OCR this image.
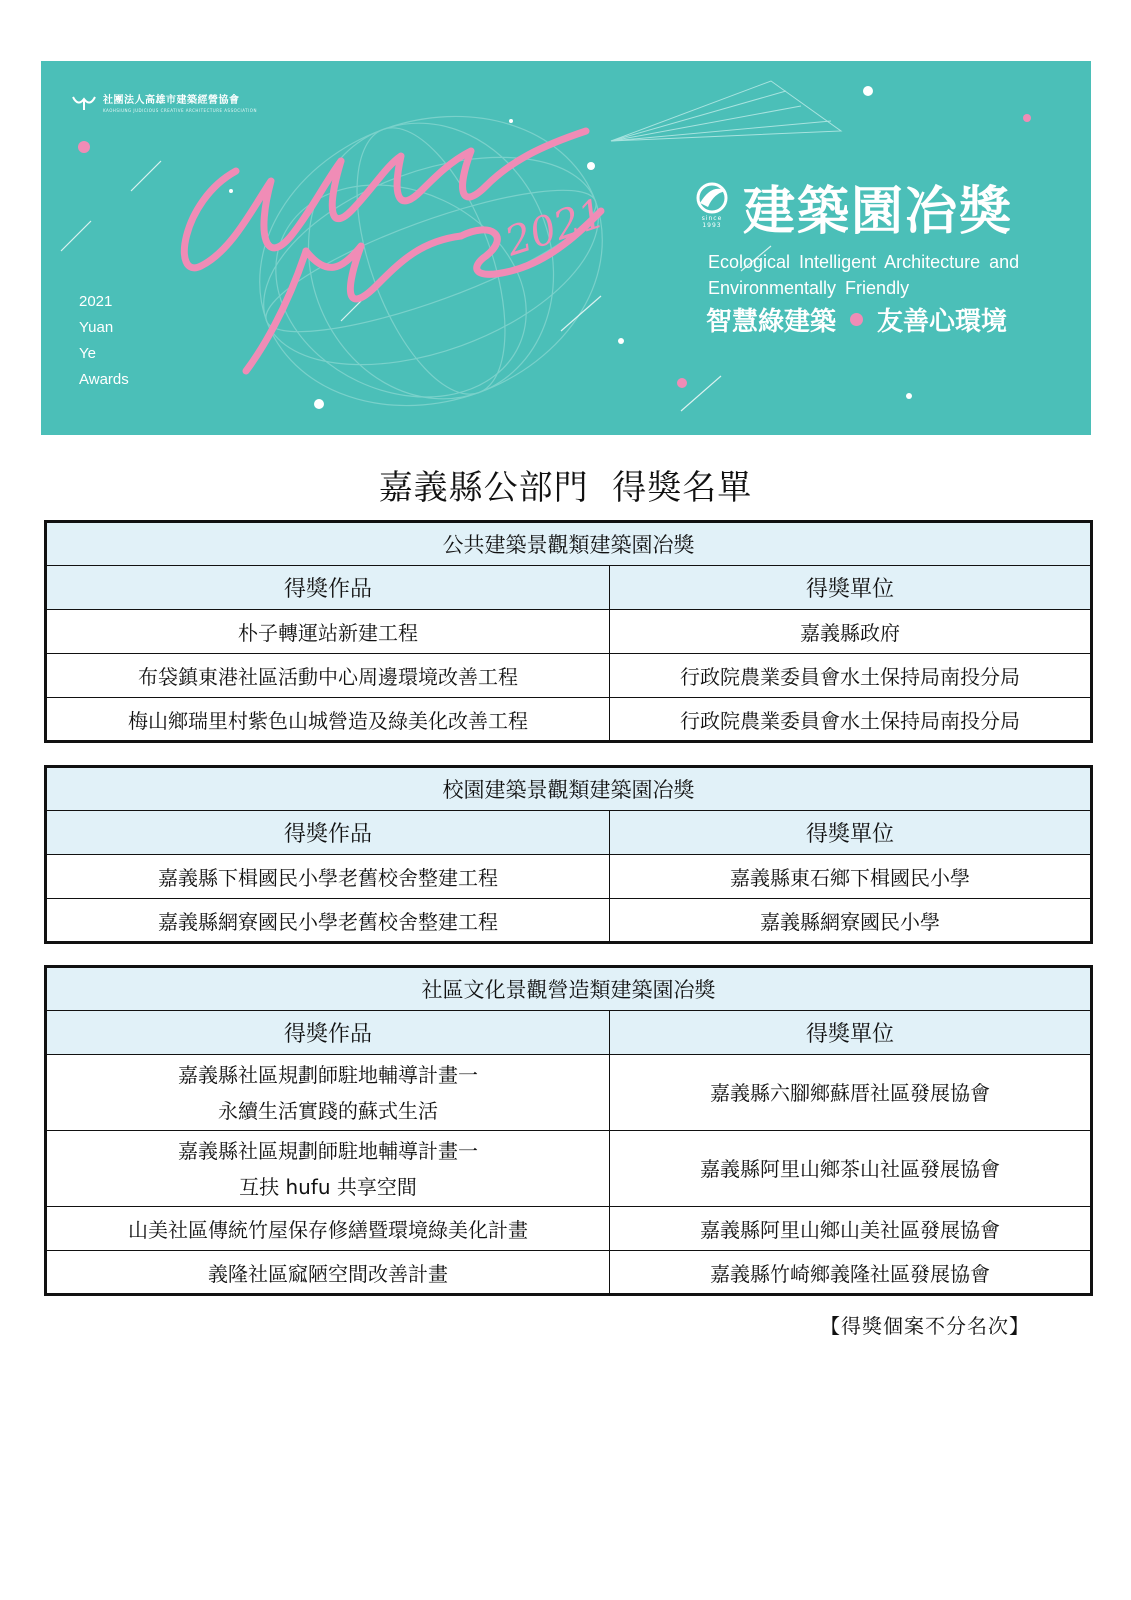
2021
社團法人高雄市建築經營協會
KAOHSIUNG JUDICIOUS CREATIVE ARCHITECTURE ASSOCIATION
2021
Yuan
Ye
Awards
since
1993 建築園冶獎
Ecological Intelligent Architecture and
Environmentally Friendly
智慧綠建築 友善心環境
嘉義縣公部門  得獎名單
公共建築景觀類建築園冶獎	
得獎作品	得獎單位
朴子轉運站新建工程	嘉義縣政府
布袋鎮東港社區活動中心周邊環境改善工程	行政院農業委員會水土保持局南投分局
梅山鄉瑞里村紫色山城營造及綠美化改善工程	行政院農業委員會水土保持局南投分局
校園建築景觀類建築園冶獎	
得獎作品	得獎單位
嘉義縣下楫國民小學老舊校舍整建工程	嘉義縣東石鄉下楫國民小學
嘉義縣網寮國民小學老舊校舍整建工程	嘉義縣網寮國民小學
社區文化景觀營造類建築園冶獎	
得獎作品	得獎單位

嘉義縣社區規劃師駐地輔導計畫一
永續生活實踐的蘇式生活	嘉義縣六腳鄉蘇厝社區發展協會

嘉義縣社區規劃師駐地輔導計畫一
互扶 hufu 共享空間	嘉義縣阿里山鄉茶山社區發展協會
山美社區傳統竹屋保存修繕暨環境綠美化計畫	嘉義縣阿里山鄉山美社區發展協會
義隆社區窳陋空間改善計畫	嘉義縣竹崎鄉義隆社區發展協會
【得獎個案不分名次】
